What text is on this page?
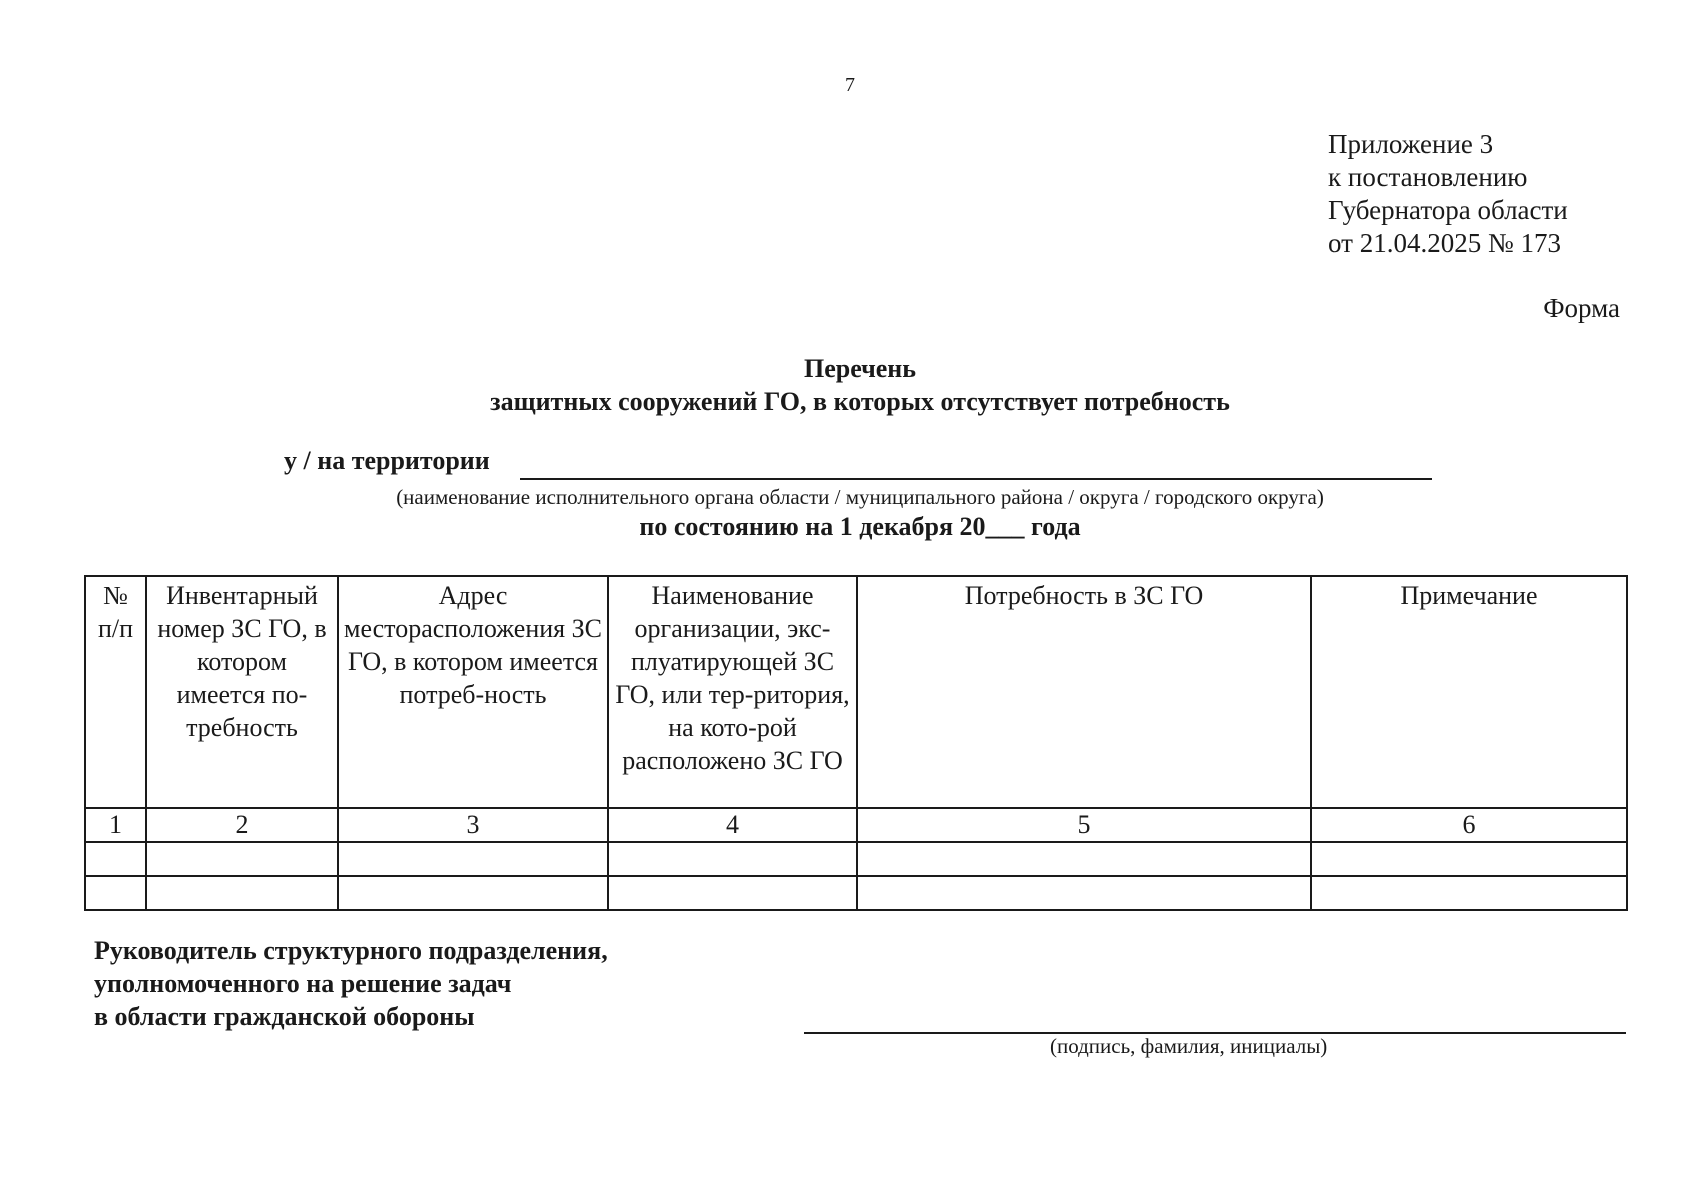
7
Приложение 3
к постановлению
Губернатора области
от 21.04.2025 № 173
Форма
Перечень
защитных сооружений ГО, в которых отсутствует потребность
у / на территории
(наименование исполнительного органа области / муниципального района / округа / городского округа)
по состоянию на 1 декабря 20___ года
№ п/п	Инвентарный номер ЗС ГО, в котором имеется по-требность	Адрес месторасположения ЗС ГО, в котором имеется потреб-ность	Наименование организации, экс-плуатирующей ЗС ГО, или тер-ритория, на кото-рой расположено ЗС ГО	Потребность в ЗС ГО	Примечание
1	2	3	4	5	6

Руководитель структурного подразделения,
уполномоченного на решение задач
в области гражданской обороны
(подпись, фамилия, инициалы)
